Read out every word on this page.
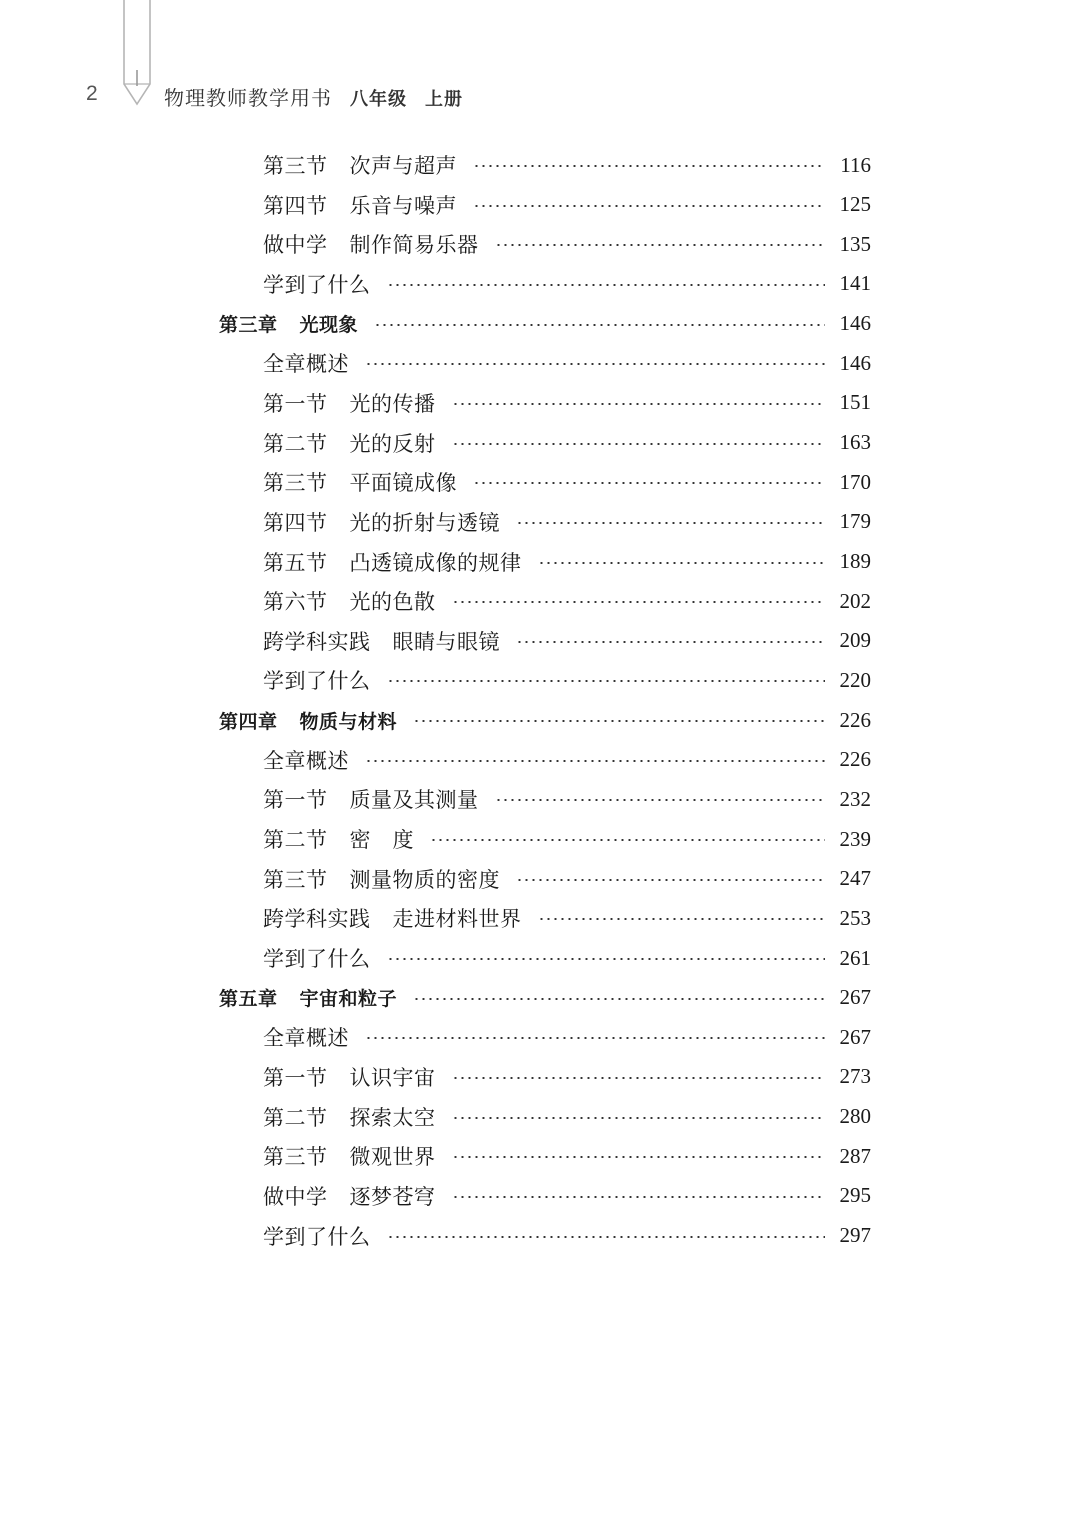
2	物理教师教学用书 八年级 上册
第三节 次声与超声	116
第四节 乐音与噪声	125
做中学 制作简易乐器	135
学到了什么	141
第三章 光现象	146
全章概述	146
第一节 光的传播	151
第二节 光的反射	163
第三节 平面镜成像	170
第四节 光的折射与透镜	179
第五节 凸透镜成像的规律	189
第六节 光的色散	202
跨学科实践 眼睛与眼镜	209
学到了什么	220
第四章 物质与材料	226
全章概述	226
第一节 质量及其测量	232
第二节 密　度	239
第三节 测量物质的密度	247
跨学科实践 走进材料世界	253
学到了什么	261
第五章 宇宙和粒子	267
全章概述	267
第一节 认识宇宙	273
第二节 探索太空	280
第三节 微观世界	287
做中学 逐梦苍穹	295
学到了什么	297
